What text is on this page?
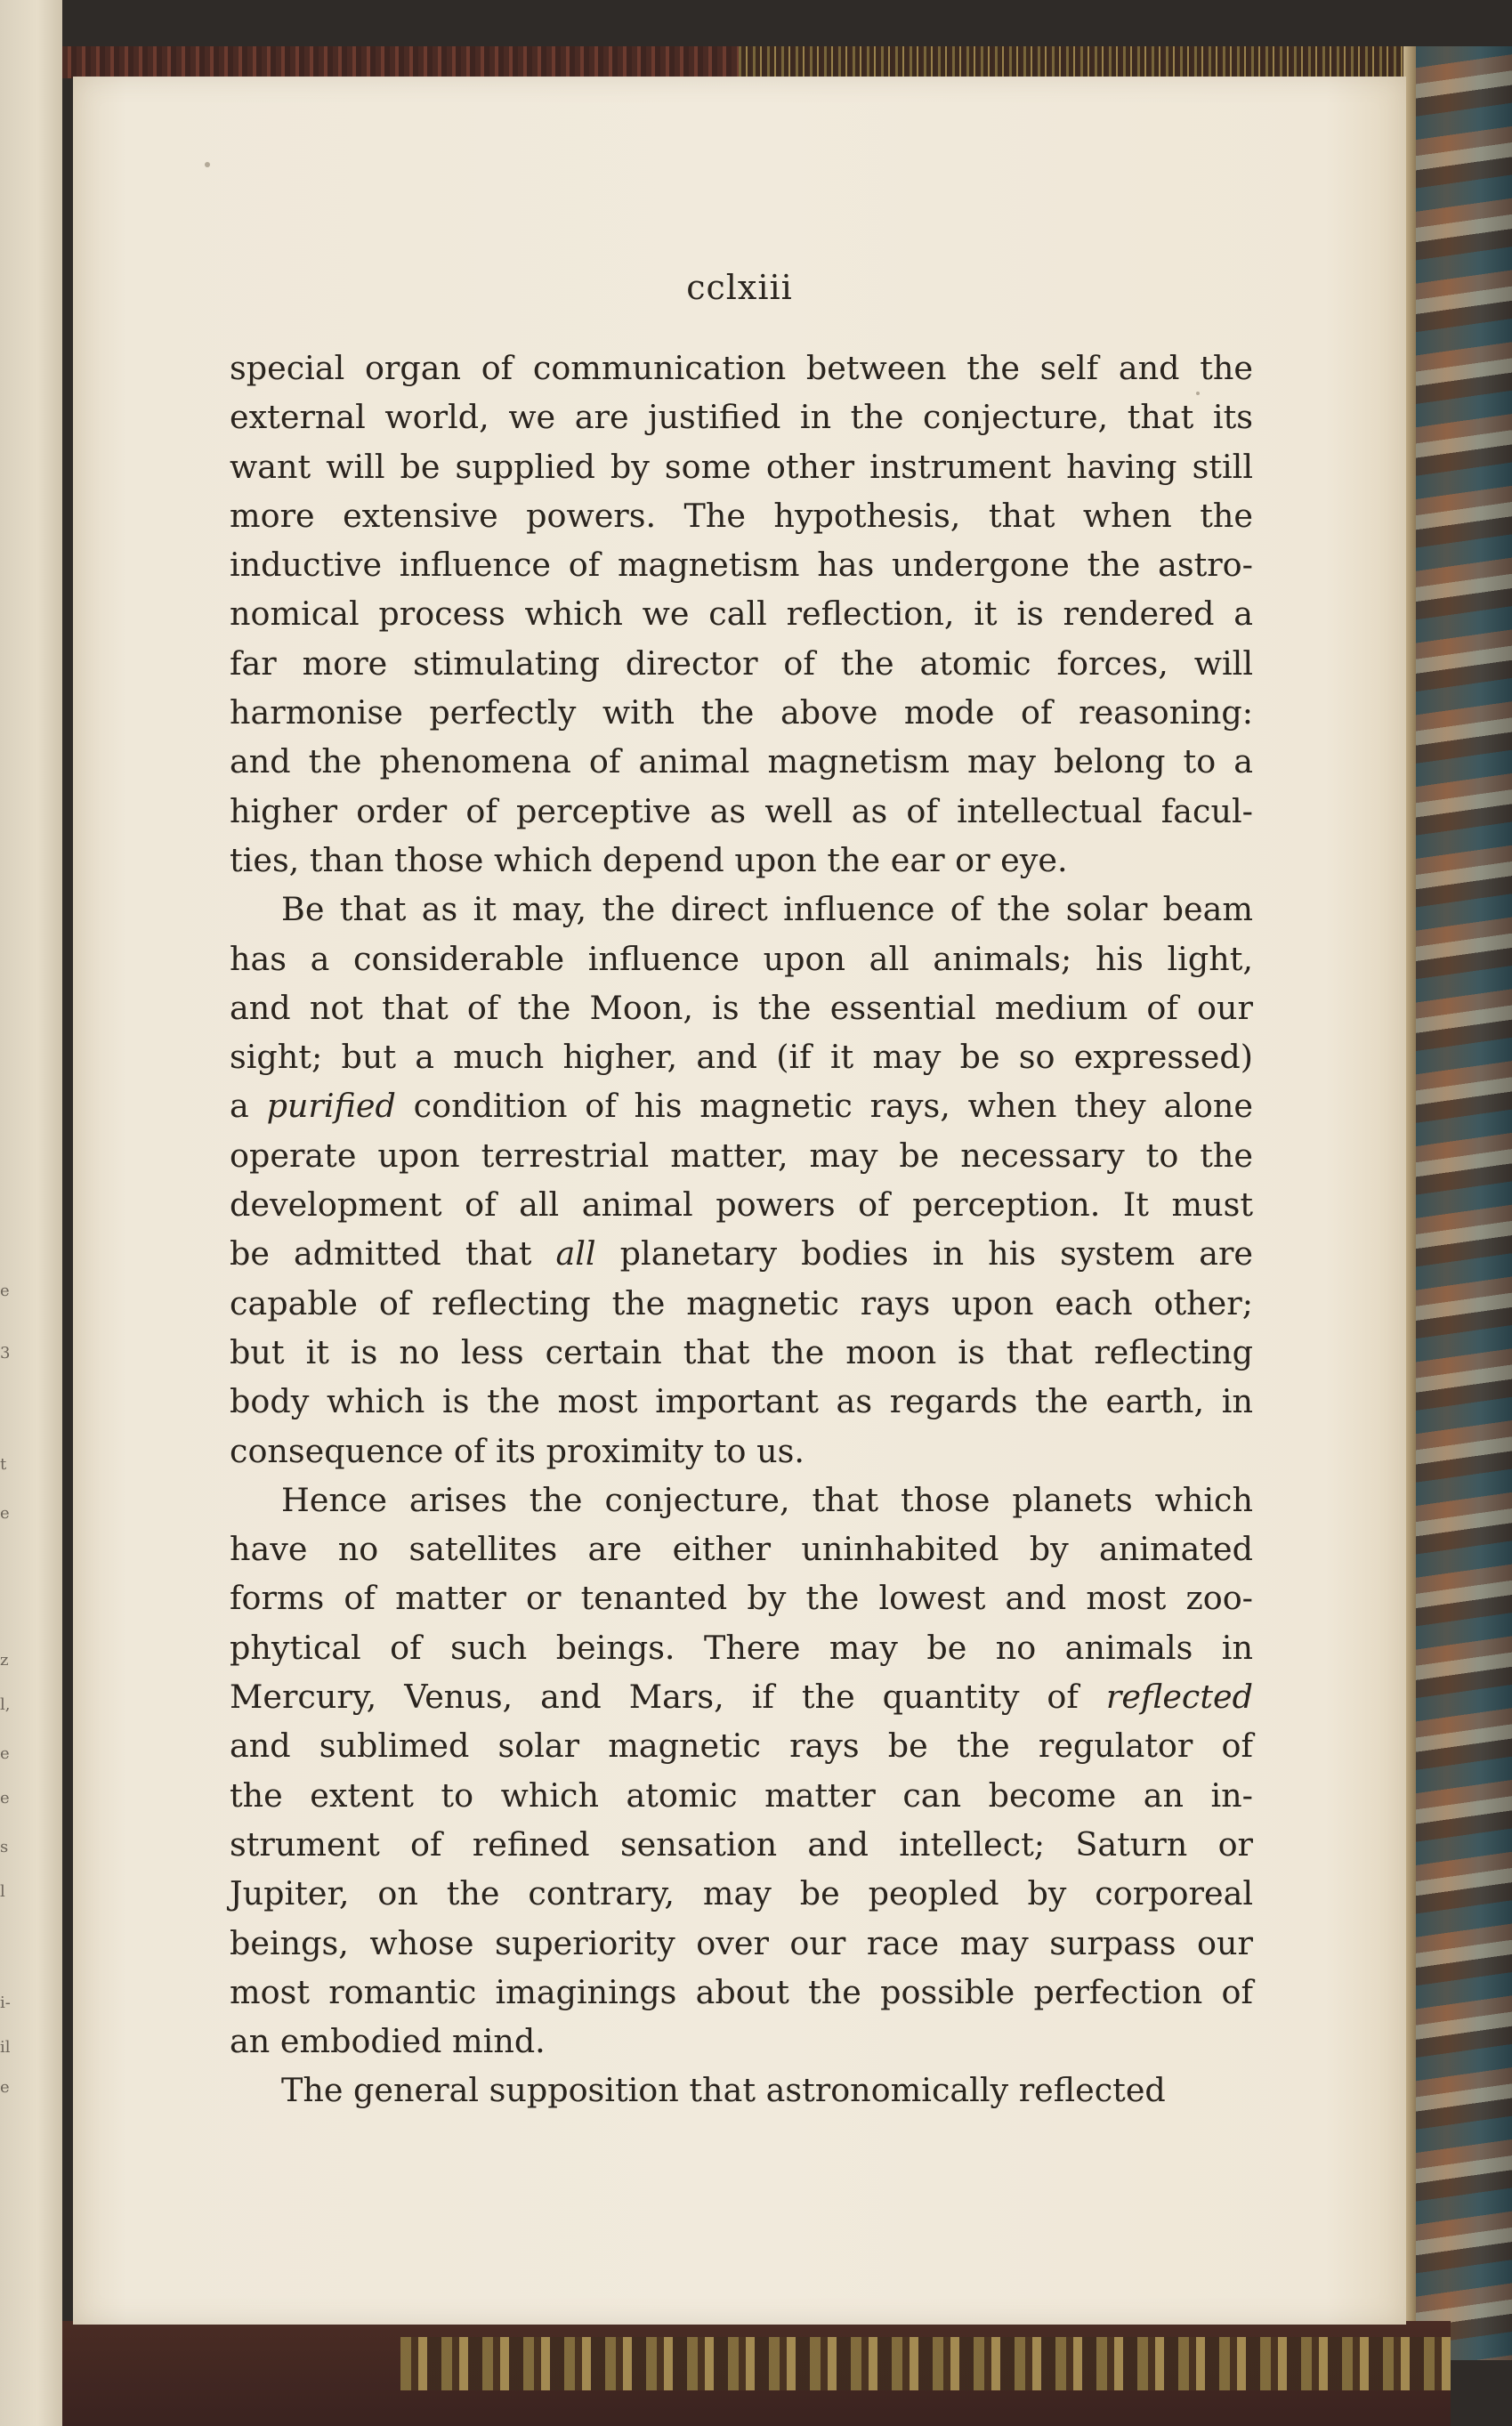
e
3
t
e
z
l,
e
e
s
l
i-
il
e
cclxiii
special organ of communication between the self and the
external world, we are justified in the conjecture, that its
want will be supplied by some other instrument having still
more extensive powers. The hypothesis, that when the
inductive influence of magnetism has undergone the astro-
nomical process which we call reflection, it is rendered a
far more stimulating director of the atomic forces, will
harmonise perfectly with the above mode of reasoning:
and the phenomena of animal magnetism may belong to a
higher order of perceptive as well as of intellectual facul-
ties, than those which depend upon the ear or eye.
Be that as it may, the direct influence of the solar beam
has a considerable influence upon all animals; his light,
and not that of the Moon, is the essential medium of our
sight; but a much higher, and (if it may be so expressed)
a purified condition of his magnetic rays, when they alone
operate upon terrestrial matter, may be necessary to the
development of all animal powers of perception. It must
be admitted that all planetary bodies in his system are
capable of reflecting the magnetic rays upon each other;
but it is no less certain that the moon is that reflecting
body which is the most important as regards the earth, in
consequence of its proximity to us.
Hence arises the conjecture, that those planets which
have no satellites are either uninhabited by animated
forms of matter or tenanted by the lowest and most zoo-
phytical of such beings. There may be no animals in
Mercury, Venus, and Mars, if the quantity of reflected
and sublimed solar magnetic rays be the regulator of
the extent to which atomic matter can become an in-
strument of refined sensation and intellect; Saturn or
Jupiter, on the contrary, may be peopled by corporeal
beings, whose superiority over our race may surpass our
most romantic imaginings about the possible perfection of
an embodied mind.
The general supposition that astronomically reflected
